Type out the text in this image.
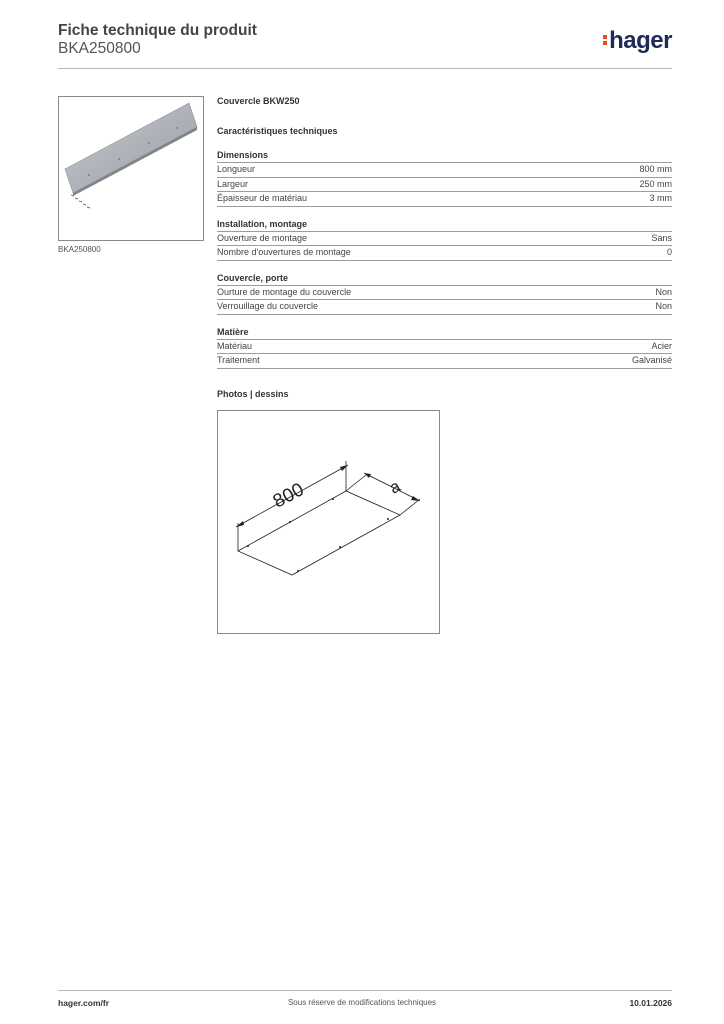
Fiche technique du produit
BKA250800	hager
BKA250800
Couvercle BKW250
Caractéristiques techniques
Dimensions
Longueur	800 mm
Largeur	250 mm
Épaisseur de matériau	3 mm
Installation, montage
Ouverture de montage	Sans
Nombre d'ouvertures de montage	0
Couvercle, porte
Ourture de montage du couvercle	Non
Verrouillage du couvercle	Non
Matière
Matériau	Acier
Traitement	Galvanisé
Photos | dessins
800	a
hager.com/fr	Sous réserve de modifications techniques	10.01.2026
